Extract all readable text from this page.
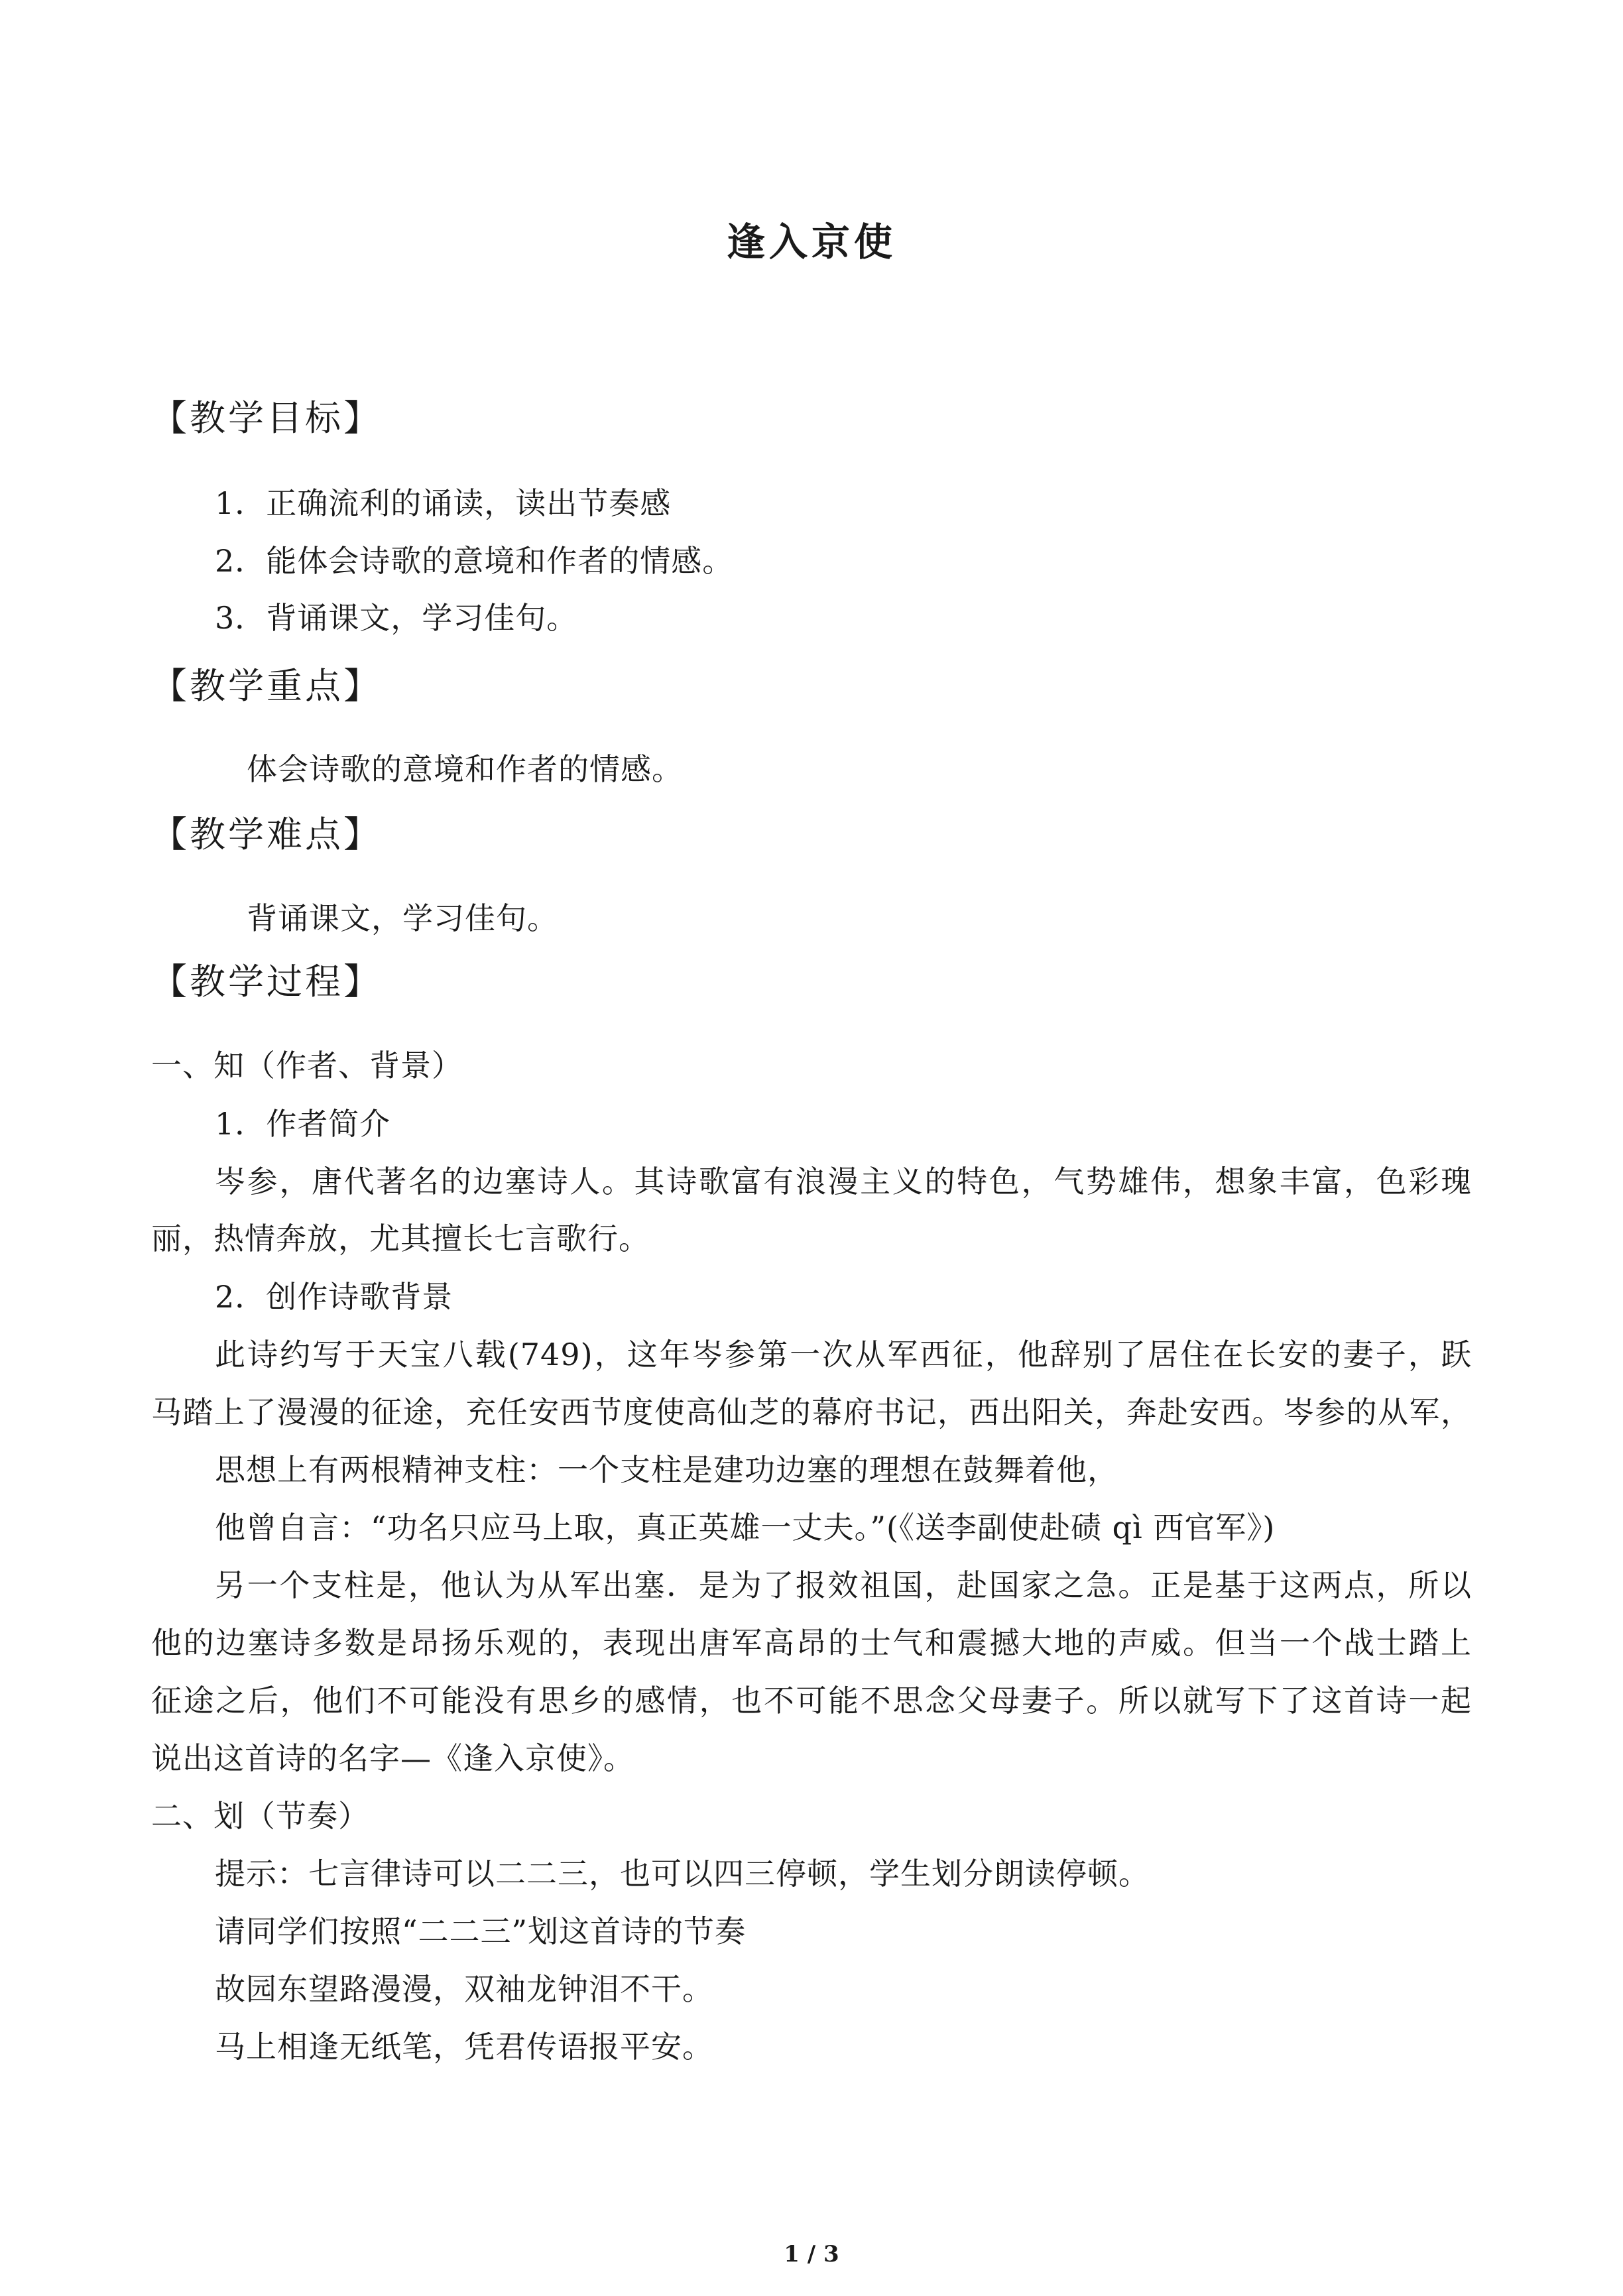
逢入京使
【教学目标】
1．正确流利的诵读，读出节奏感
2．能体会诗歌的意境和作者的情感。
3．背诵课文，学习佳句。
【教学重点】
体会诗歌的意境和作者的情感。
【教学难点】
背诵课文，学习佳句。
【教学过程】
一、知（作者、背景）
1．作者简介
岑参，唐代著名的边塞诗人。其诗歌富有浪漫主义的特色，气势雄伟，想象丰富，色彩瑰
丽，热情奔放，尤其擅长七言歌行。
2．创作诗歌背景
此诗约写于天宝八载(749)，这年岑参第一次从军西征，他辞别了居住在长安的妻子，跃
马踏上了漫漫的征途，充任安西节度使高仙芝的幕府书记，西出阳关，奔赴安西。岑参的从军，
思想上有两根精神支柱：一个支柱是建功边塞的理想在鼓舞着他，
他曾自言：“功名只应马上取，真正英雄一丈夫。”(《送李副使赴碛 qì 西官军》)
另一个支柱是，他认为从军出塞．是为了报效祖国，赴国家之急。正是基于这两点，所以
他的边塞诗多数是昂扬乐观的，表现出唐军高昂的士气和震撼大地的声威。但当一个战士踏上
征途之后，他们不可能没有思乡的感情，也不可能不思念父母妻子。所以就写下了这首诗一起
说出这首诗的名字—《逢入京使》。
二、划（节奏）
提示：七言律诗可以二二三，也可以四三停顿，学生划分朗读停顿。
请同学们按照“二二三”划这首诗的节奏
故园东望路漫漫，双袖龙钟泪不干。
马上相逢无纸笔，凭君传语报平安。
1 / 3
